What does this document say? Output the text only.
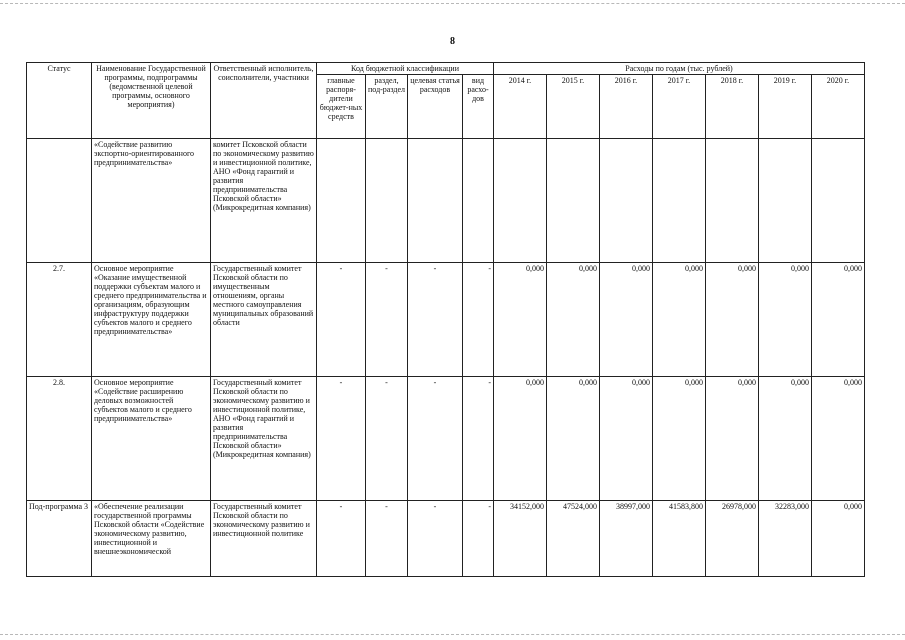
8
Статус	Наименование Государственной программы, подпрограммы (ведомственной целевой программы, основного мероприятия)	Ответственный исполнитель, соисполнители, участники	Код бюджетной классификации				Расходы по годам (тыс. рублей)						
			главные распоря-дители бюджет-ных средств	раздел, под-раздел	целевая статья расходов	вид расхо-дов	2014 г.	2015 г.	2016 г.	2017 г.	2018 г.	2019 г.	2020 г.
	«Содействие развитию экспортно-ориентированного предпринимательства»	комитет Псковской области по экономическому развитию и инвестиционной политике, АНО «Фонд гарантий и развития предпринимательства Псковской области» (Микрокредитная компания)											
2.7.	Основное мероприятие «Оказание имущественной поддержки субъектам малого и среднего предпринимательства и организациям, образующим инфраструктуру поддержки субъектов малого и среднего предпринимательства»	Государственный комитет Псковской области по имущественным отношениям, органы местного самоуправления муниципальных образований области	-	-	-	-	0,000	0,000	0,000	0,000	0,000	0,000	0,000
2.8.	Основное мероприятие «Содействие расширению деловых возможностей субъектов малого и среднего предпринимательства»	Государственный комитет Псковской области по экономическому развитию и инвестиционной политике, АНО «Фонд гарантий и развития предпринимательства Псковской области» (Микрокредитная компания)	-	-	-	-	0,000	0,000	0,000	0,000	0,000	0,000	0,000
Под-программа 3	«Обеспечение реализации государственной программы Псковской области «Содействие экономическому развитию, инвестиционной и внешнеэкономической	Государственный комитет Псковской области по экономическому развитию и инвестиционной политике	-	-	-	-	34152,000	47524,000	38997,000	41583,800	26978,000	32283,000	0,000
